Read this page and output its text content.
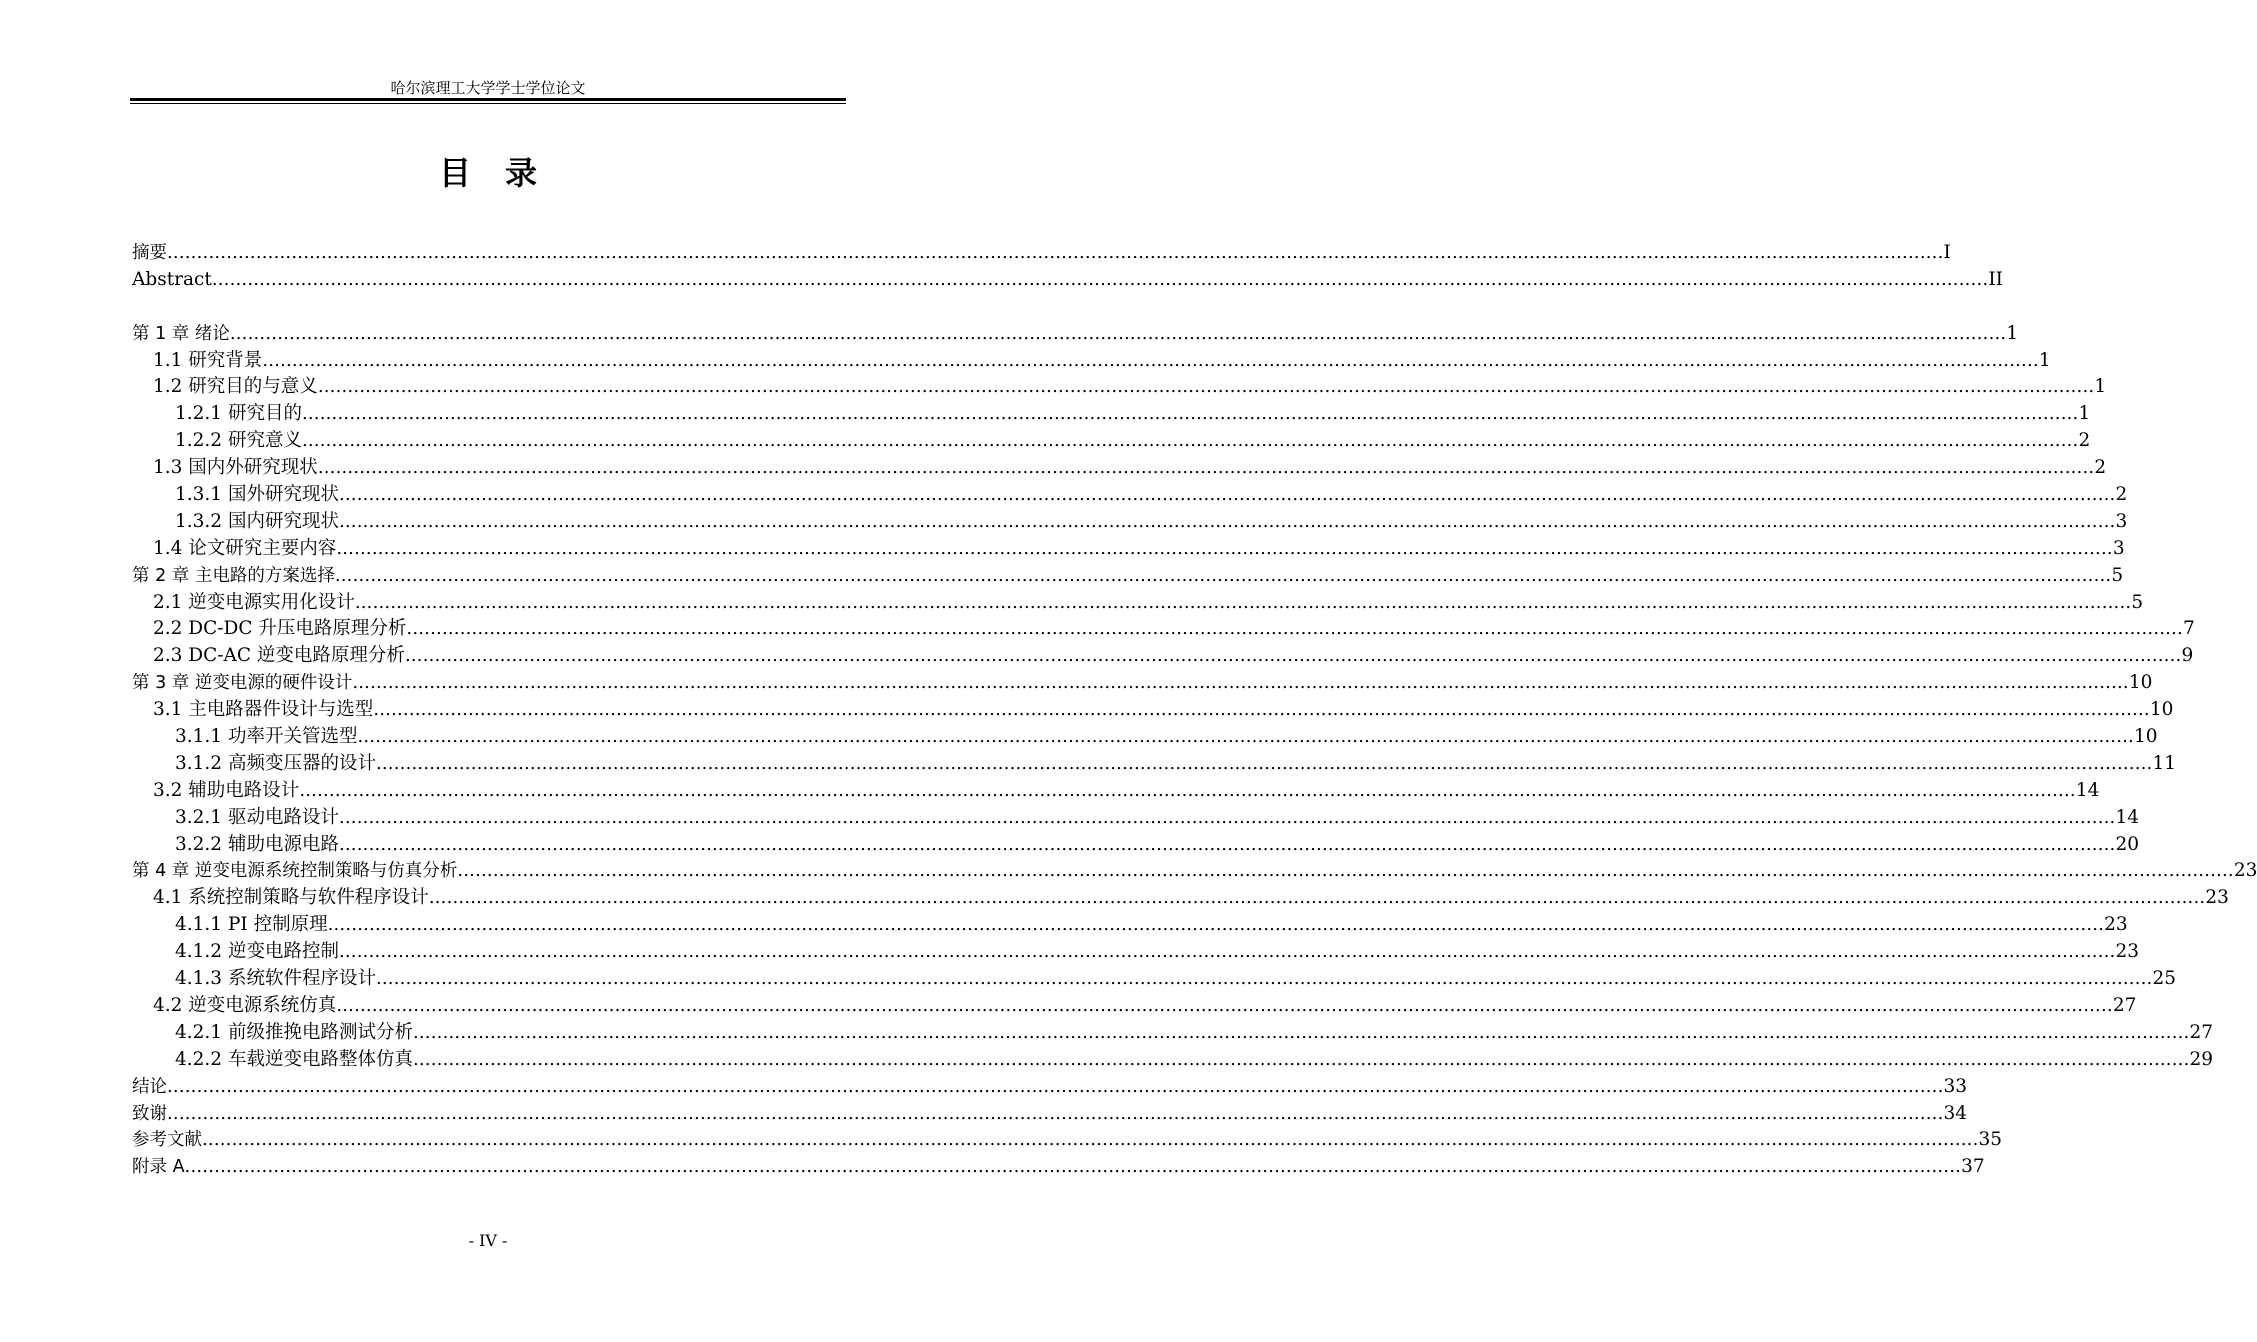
哈尔滨理工大学学士学位论文
目录
摘要 ............................................................................................................................................................................................................................................................................................................ I
Abstract ............................................................................................................................................................................................................................................................................................................ II
第 1 章 绪论 ............................................................................................................................................................................................................................................................................................................ 1
1.1 研究背景 ............................................................................................................................................................................................................................................................................................................ 1
1.2 研究目的与意义 ............................................................................................................................................................................................................................................................................................................ 1
1.2.1 研究目的 ............................................................................................................................................................................................................................................................................................................ 1
1.2.2 研究意义 ............................................................................................................................................................................................................................................................................................................ 2
1.3 国内外研究现状 ............................................................................................................................................................................................................................................................................................................ 2
1.3.1 国外研究现状 ............................................................................................................................................................................................................................................................................................................ 2
1.3.2 国内研究现状 ............................................................................................................................................................................................................................................................................................................ 3
1.4 论文研究主要内容 ............................................................................................................................................................................................................................................................................................................ 3
第 2 章 主电路的方案选择 ............................................................................................................................................................................................................................................................................................................ 5
2.1 逆变电源实用化设计 ............................................................................................................................................................................................................................................................................................................ 5
2.2 DC-DC 升压电路原理分析 ............................................................................................................................................................................................................................................................................................................ 7
2.3 DC-AC 逆变电路原理分析 ............................................................................................................................................................................................................................................................................................................ 9
第 3 章 逆变电源的硬件设计 ............................................................................................................................................................................................................................................................................................................ 10
3.1 主电路器件设计与选型 ............................................................................................................................................................................................................................................................................................................ 10
3.1.1 功率开关管选型 ............................................................................................................................................................................................................................................................................................................ 10
3.1.2 高频变压器的设计 ............................................................................................................................................................................................................................................................................................................ 11
3.2 辅助电路设计 ............................................................................................................................................................................................................................................................................................................ 14
3.2.1 驱动电路设计 ............................................................................................................................................................................................................................................................................................................ 14
3.2.2 辅助电源电路 ............................................................................................................................................................................................................................................................................................................ 20
第 4 章 逆变电源系统控制策略与仿真分析 ............................................................................................................................................................................................................................................................................................................ 23
4.1 系统控制策略与软件程序设计 ............................................................................................................................................................................................................................................................................................................ 23
4.1.1 PI 控制原理 ............................................................................................................................................................................................................................................................................................................ 23
4.1.2 逆变电路控制 ............................................................................................................................................................................................................................................................................................................ 23
4.1.3 系统软件程序设计 ............................................................................................................................................................................................................................................................................................................ 25
4.2 逆变电源系统仿真 ............................................................................................................................................................................................................................................................................................................ 27
4.2.1 前级推挽电路测试分析 ............................................................................................................................................................................................................................................................................................................ 27
4.2.2 车载逆变电路整体仿真 ............................................................................................................................................................................................................................................................................................................ 29
结论 ............................................................................................................................................................................................................................................................................................................ 33
致谢 ............................................................................................................................................................................................................................................................................................................ 34
参考文献 ............................................................................................................................................................................................................................................................................................................ 35
附录 A ............................................................................................................................................................................................................................................................................................................ 37
- IV -
